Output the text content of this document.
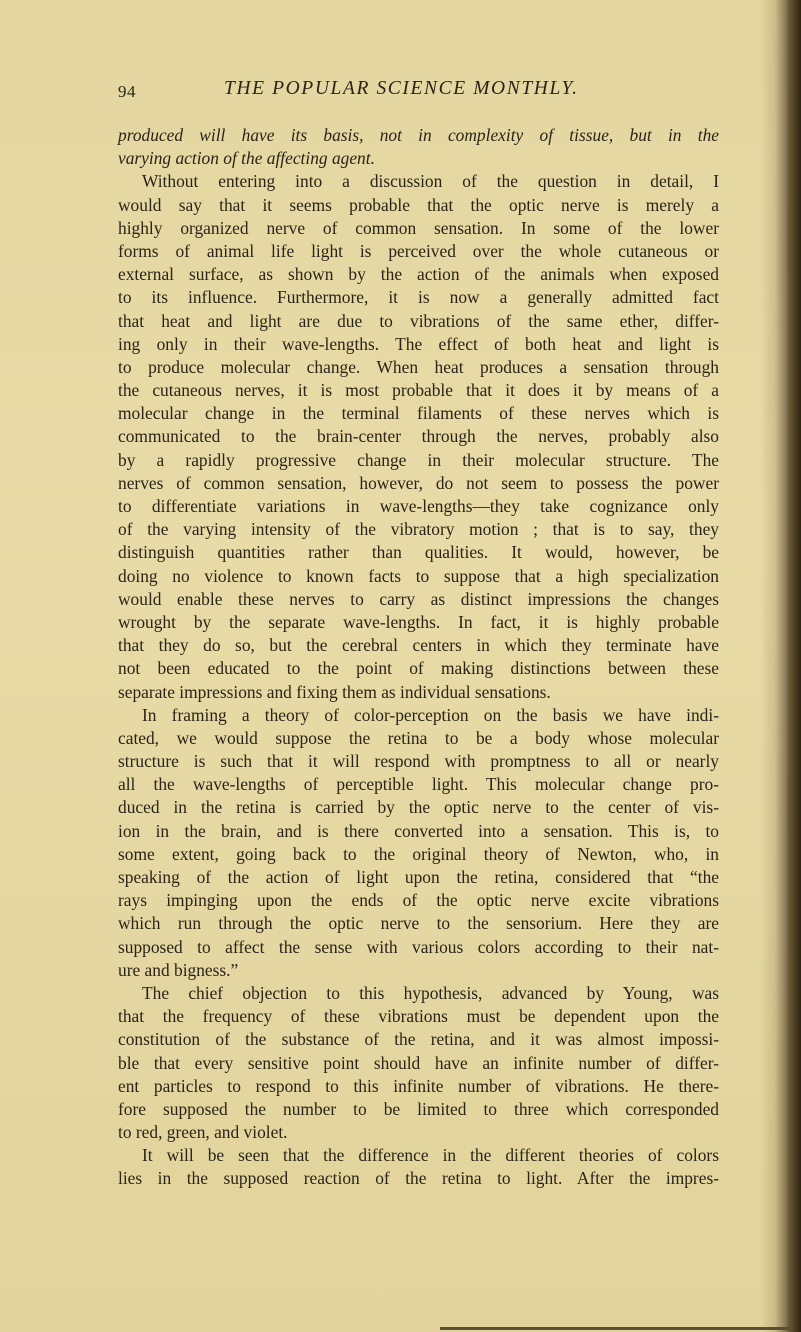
94	THE POPULAR SCIENCE MONTHLY.
produced will have its basis, not in complexity of tissue, but in the
varying action of the affecting agent.
Without entering into a discussion of the question in detail, I
would say that it seems probable that the optic nerve is merely a
highly organized nerve of common sensation. In some of the lower
forms of animal life light is perceived over the whole cutaneous or
external surface, as shown by the action of the animals when exposed
to its influence. Furthermore, it is now a generally admitted fact
that heat and light are due to vibrations of the same ether, differ-
ing only in their wave-lengths. The effect of both heat and light is
to produce molecular change. When heat produces a sensation through
the cutaneous nerves, it is most probable that it does it by means of a
molecular change in the terminal filaments of these nerves which is
communicated to the brain-center through the nerves, probably also
by a rapidly progressive change in their molecular structure. The
nerves of common sensation, however, do not seem to possess the power
to differentiate variations in wave-lengths—they take cognizance only
of the varying intensity of the vibratory motion ; that is to say, they
distinguish quantities rather than qualities. It would, however, be
doing no violence to known facts to suppose that a high specialization
would enable these nerves to carry as distinct impressions the changes
wrought by the separate wave-lengths. In fact, it is highly probable
that they do so, but the cerebral centers in which they terminate have
not been educated to the point of making distinctions between these
separate impressions and fixing them as individual sensations.
In framing a theory of color-perception on the basis we have indi-
cated, we would suppose the retina to be a body whose molecular
structure is such that it will respond with promptness to all or nearly
all the wave-lengths of perceptible light. This molecular change pro-
duced in the retina is carried by the optic nerve to the center of vis-
ion in the brain, and is there converted into a sensation. This is, to
some extent, going back to the original theory of Newton, who, in
speaking of the action of light upon the retina, considered that “the
rays impinging upon the ends of the optic nerve excite vibrations
which run through the optic nerve to the sensorium. Here they are
supposed to affect the sense with various colors according to their nat-
ure and bigness.”
The chief objection to this hypothesis, advanced by Young, was
that the frequency of these vibrations must be dependent upon the
constitution of the substance of the retina, and it was almost impossi-
ble that every sensitive point should have an infinite number of differ-
ent particles to respond to this infinite number of vibrations. He there-
fore supposed the number to be limited to three which corresponded
to red, green, and violet.
It will be seen that the difference in the different theories of colors
lies in the supposed reaction of the retina to light. After the impres-
